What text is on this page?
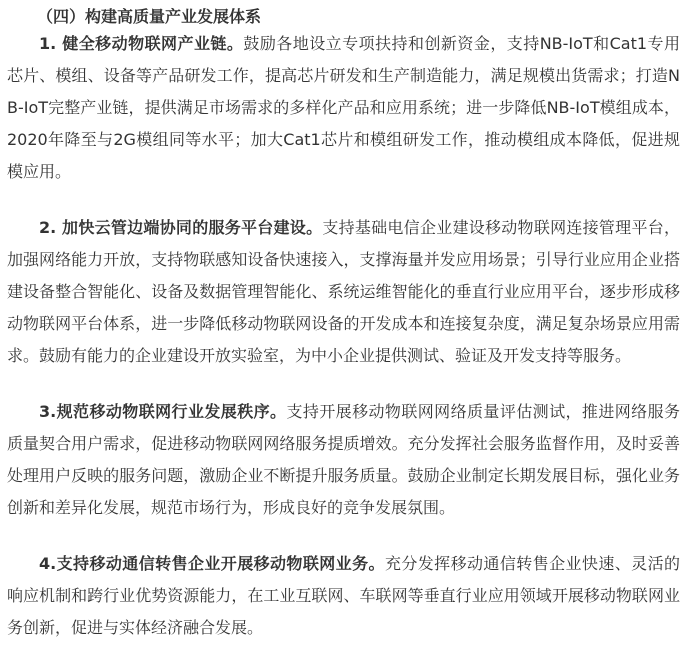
（四）构建高质量产业发展体系

1. 健全移动物联网产业链。鼓励各地设立专项扶持和创新资金，支持NB-IoT和Cat1专用芯片、模组、设备等产品研发工作，提高芯片研发和生产制造能力，满足规模出货需求；打造NB-IoT完整产业链，提供满足市场需求的多样化产品和应用系统；进一步降低NB-IoT模组成本，2020年降至与2G模组同等水平；加大Cat1芯片和模组研发工作，推动模组成本降低，促进规模应用。

2. 加快云管边端协同的服务平台建设。支持基础电信企业建设移动物联网连接管理平台，加强网络能力开放，支持物联感知设备快速接入，支撑海量并发应用场景；引导行业应用企业搭建设备整合智能化、设备及数据管理智能化、系统运维智能化的垂直行业应用平台，逐步形成移动物联网平台体系，进一步降低移动物联网设备的开发成本和连接复杂度，满足复杂场景应用需求。鼓励有能力的企业建设开放实验室，为中小企业提供测试、验证及开发支持等服务。

3.规范移动物联网行业发展秩序。支持开展移动物联网网络质量评估测试，推进网络服务质量契合用户需求，促进移动物联网网络服务提质增效。充分发挥社会服务监督作用，及时妥善处理用户反映的服务问题，激励企业不断提升服务质量。鼓励企业制定长期发展目标，强化业务创新和差异化发展，规范市场行为，形成良好的竞争发展氛围。

4.支持移动通信转售企业开展移动物联网业务。充分发挥移动通信转售企业快速、灵活的响应机制和跨行业优势资源能力，在工业互联网、车联网等垂直行业应用领域开展移动物联网业务创新，促进与实体经济融合发展。
